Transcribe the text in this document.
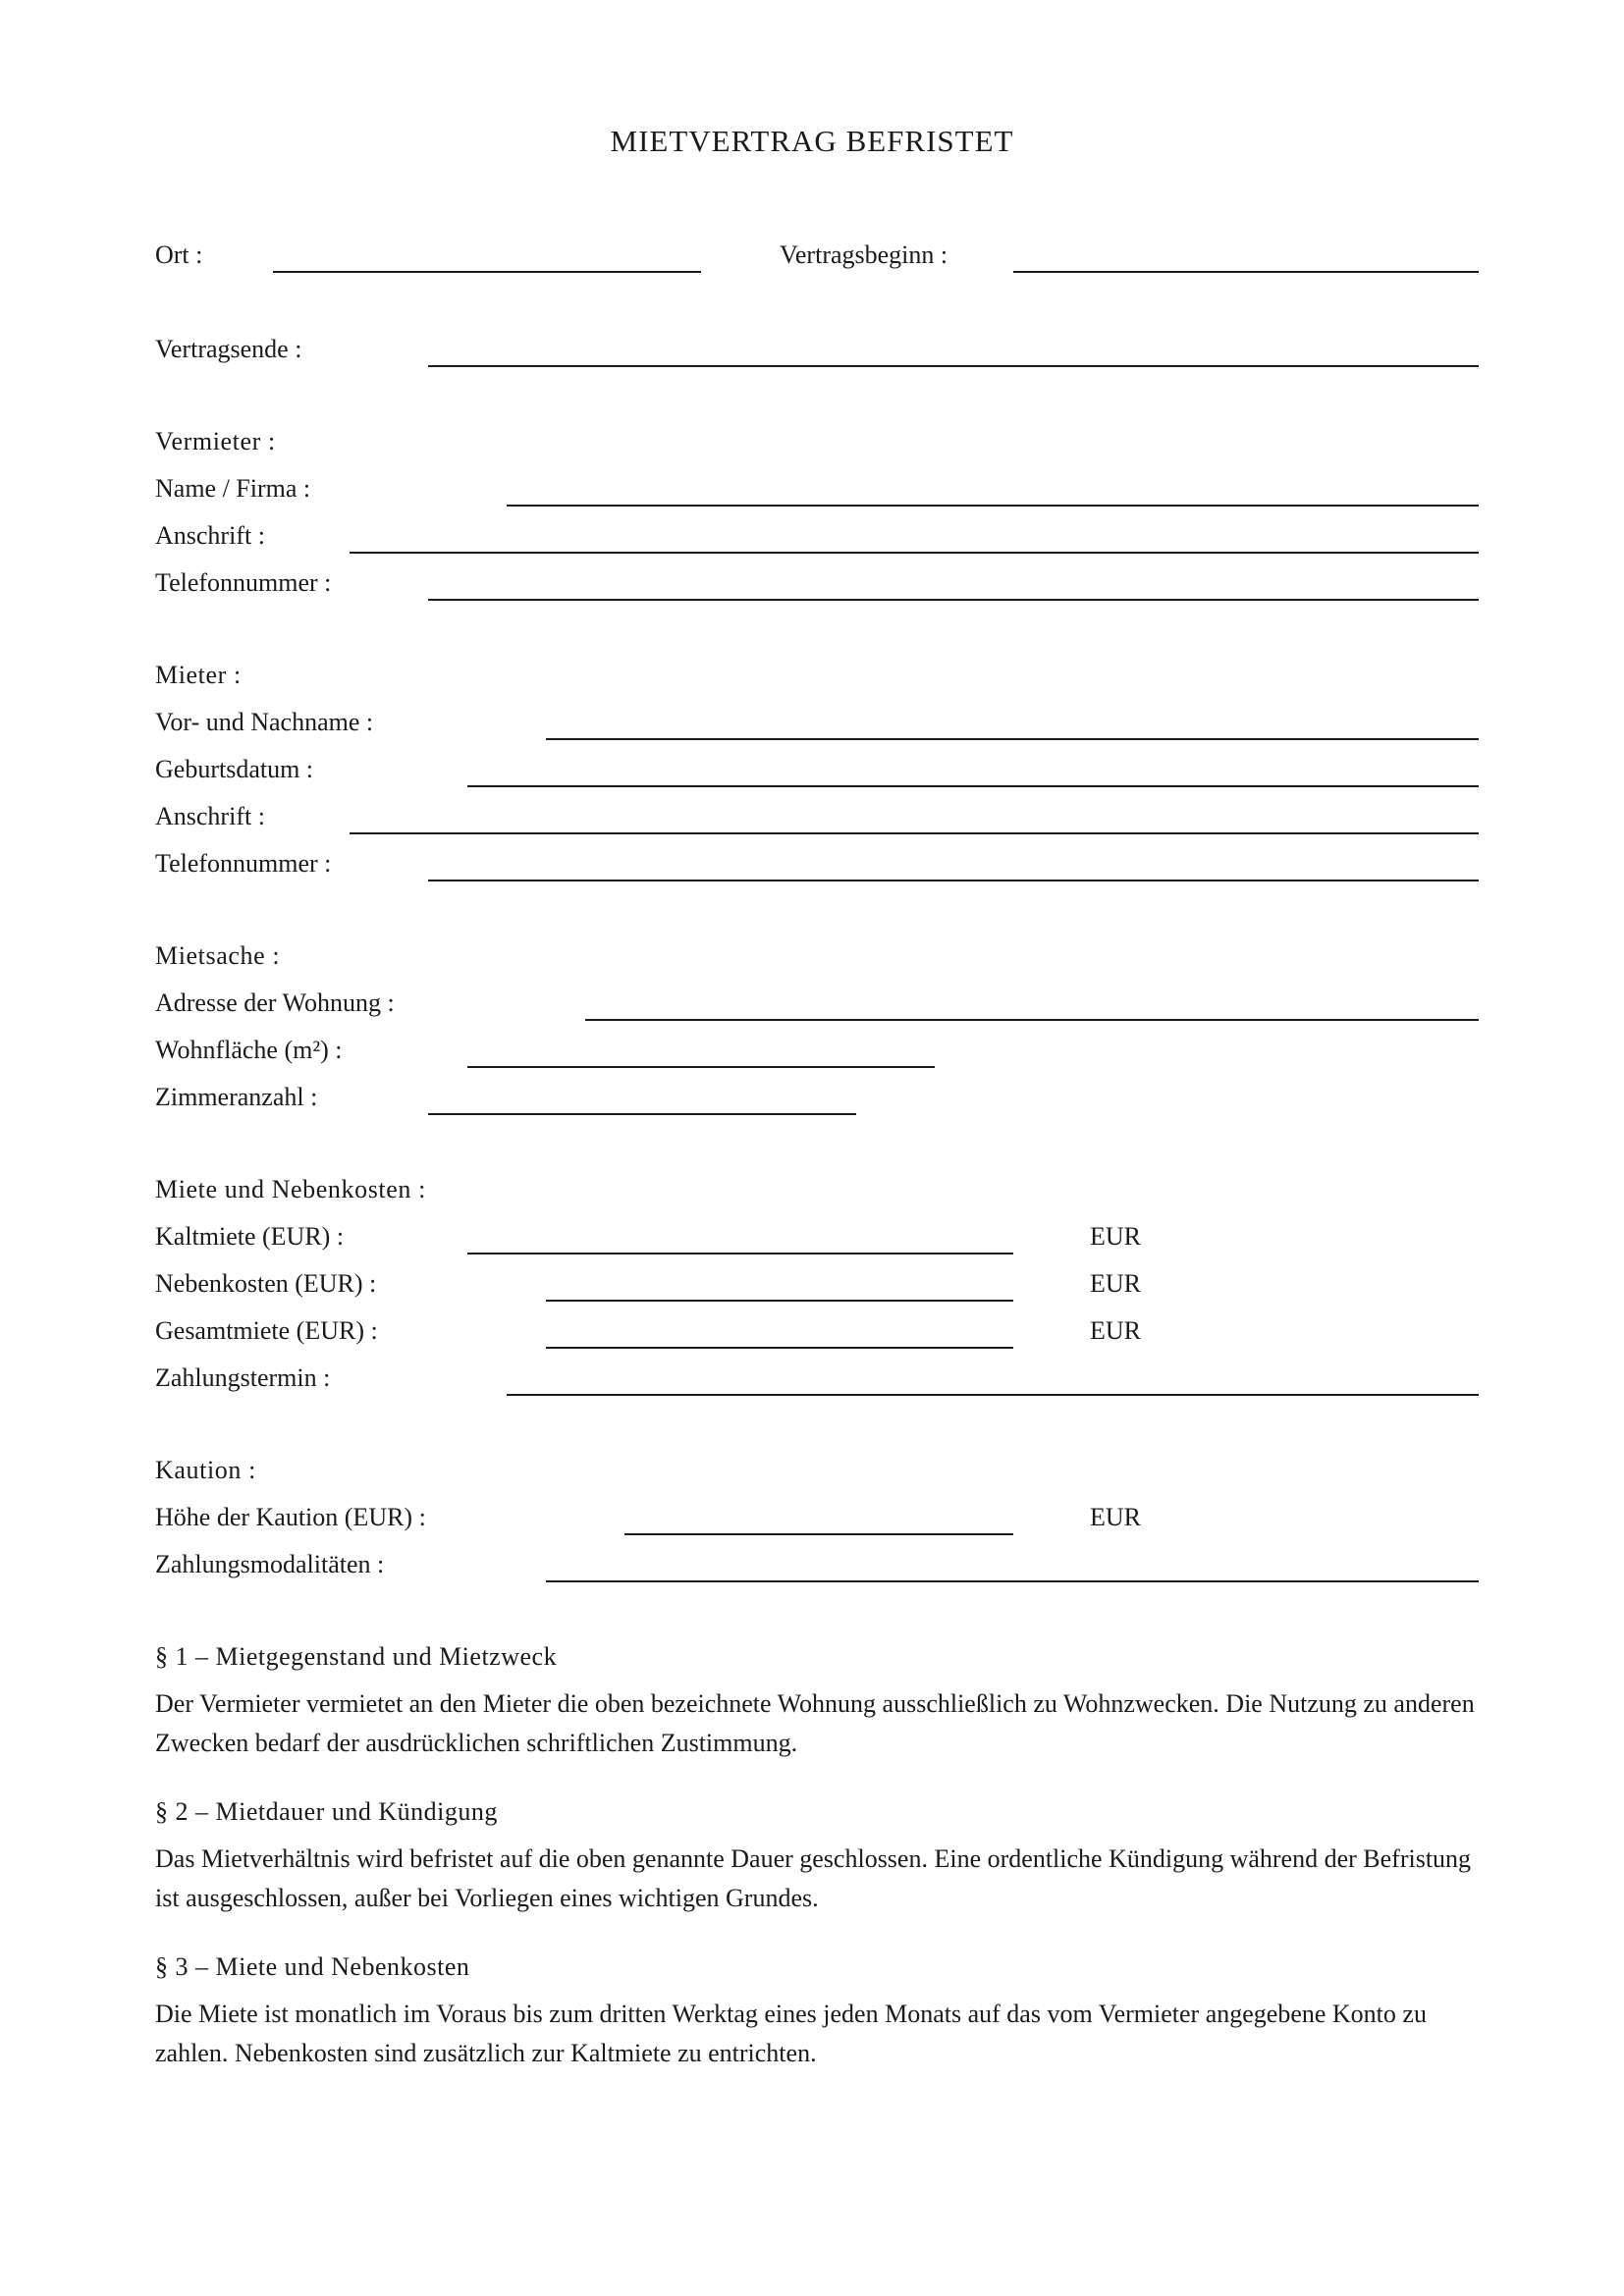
MIETVERTRAG BEFRISTET
Ort :	Vertragsbeginn :
Vertragsende :
Vermieter :
Name / Firma :
Anschrift :
Telefonnummer :
Mieter :
Vor- und Nachname :
Geburtsdatum :
Anschrift :
Telefonnummer :
Mietsache :
Adresse der Wohnung :
Wohnfläche (m²) :
Zimmeranzahl :
Miete und Nebenkosten :
Kaltmiete (EUR) :	EUR
Nebenkosten (EUR) :	EUR
Gesamtmiete (EUR) :	EUR
Zahlungstermin :
Kaution :
Höhe der Kaution (EUR) :	EUR
Zahlungsmodalitäten :
§ 1 – Mietgegenstand und Mietzweck
Der Vermieter vermietet an den Mieter die oben bezeichnete Wohnung ausschließlich zu Wohnzwecken. Die Nutzung zu anderen Zwecken bedarf der ausdrücklichen schriftlichen Zustimmung.
§ 2 – Mietdauer und Kündigung
Das Mietverhältnis wird befristet auf die oben genannte Dauer geschlossen. Eine ordentliche Kündigung während der Befristung ist ausgeschlossen, außer bei Vorliegen eines wichtigen Grundes.
§ 3 – Miete und Nebenkosten
Die Miete ist monatlich im Voraus bis zum dritten Werktag eines jeden Monats auf das vom Vermieter angegebene Konto zu zahlen. Nebenkosten sind zusätzlich zur Kaltmiete zu entrichten.
